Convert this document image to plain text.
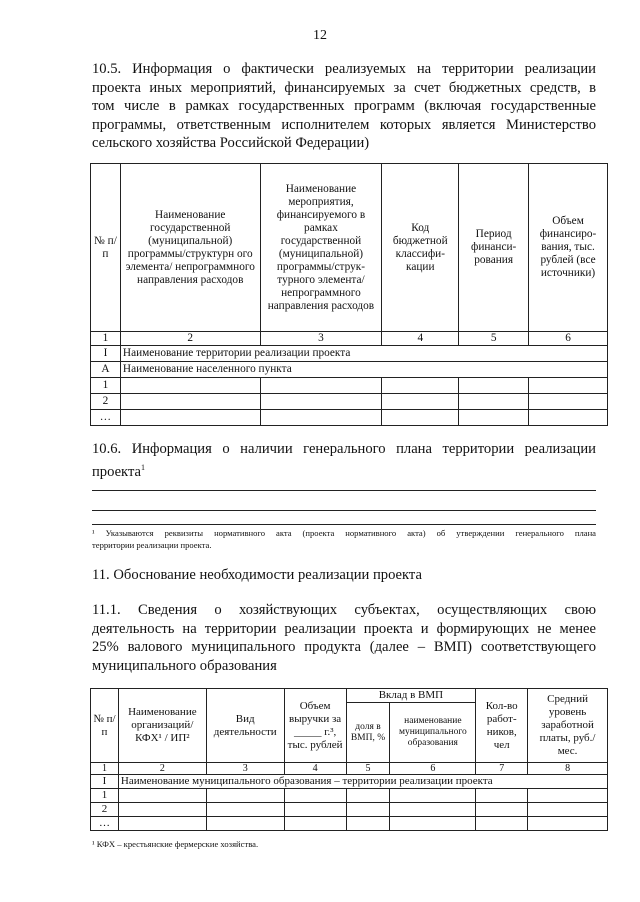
12
10.5. Информация о фактически реализуемых на территории реализации
проекта иных мероприятий, финансируемых за счет бюджетных средств, в
том числе в рамках государственных программ (включая государственные
программы, ответственным исполнителем которых является Министерство
сельского хозяйства Российской Федерации)
№ п/п	Наименование государственной (муниципальной) программы/структурн ого элемента/ непрограммного направления расходов	Наименование мероприятия, финансируемого в рамках государственной (муниципальной) программы/струк- турного элемента/ непрограммного направления расходов	Код бюджетной классифи- кации	Период финанси- рования	Объем финансиро- вания, тыс. рублей (все источники)
1	2	3	4	5	6
I	Наименование территории реализации проекта				
А	Наименование населенного пункта				
1					
2					
…					
10.6. Информация о наличии генерального плана территории реализации
проекта$^1$
¹ Указываются реквизиты нормативного акта (проекта нормативного акта) об утверждении генерального плана
территории реализации проекта.
11. Обоснование необходимости реализации проекта
11.1. Сведения о хозяйствующих субъектах, осуществляющих свою
деятельность на территории реализации проекта и формирующих не менее
25% валового муниципального продукта (далее – ВМП) соответствующего
муниципального образования
№ п/п	Наименование организаций/ КФХ¹ / ИП²	Вид деятельности	Объем выручки за _____ г.³, тыс. рублей	Вклад в ВМП		Кол-во работ- ников, чел	Средний уровень заработной платы, руб./ мес.
				доля в ВМП, %	наименование муниципального образования		
1	2	3	4	5	6	7	8
I	Наименование муниципального образования – территории реализации проекта						
1							
2							
…							
¹ КФХ – крестьянские фермерские хозяйства.
